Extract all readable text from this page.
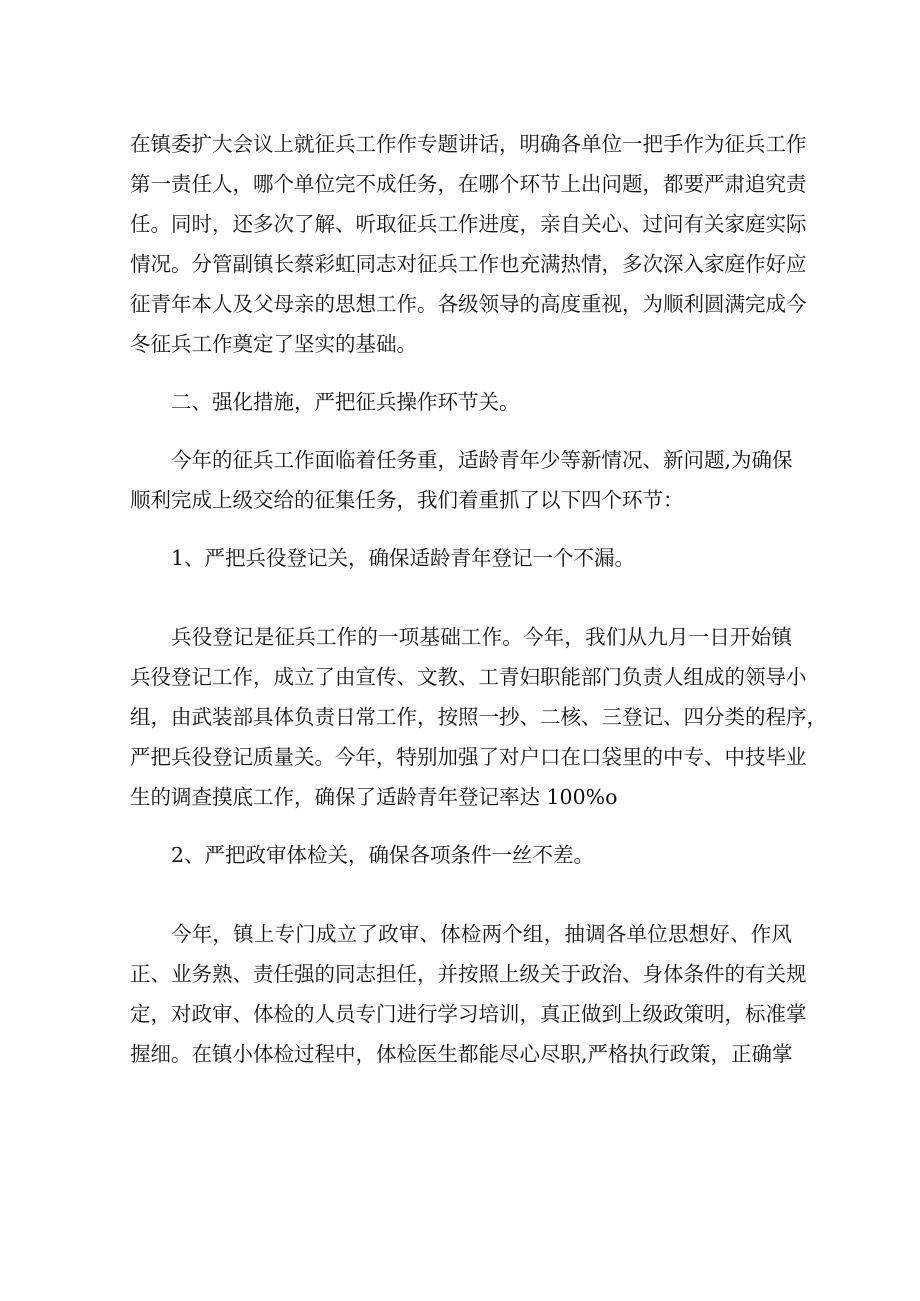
在镇委扩大会议上就征兵工作作专题讲话，明确各单位一把手作为征兵工作
第一责任人，哪个单位完不成任务，在哪个环节上出问题，都要严肃追究责
任。同时，还多次了解、听取征兵工作进度，亲自关心、过问有关家庭实际
情况。分管副镇长蔡彩虹同志对征兵工作也充满热情，多次深入家庭作好应
征青年本人及父母亲的思想工作。各级领导的高度重视，为顺利圆满完成今
冬征兵工作奠定了坚实的基础。

二、强化措施，严把征兵操作环节关。

今年的征兵工作面临着任务重，适龄青年少等新情况、新问题,为确保
顺利完成上级交给的征集任务，我们着重抓了以下四个环节：

1、严把兵役登记关，确保适龄青年登记一个不漏。

兵役登记是征兵工作的一项基础工作。今年，我们从九月一日开始镇
兵役登记工作，成立了由宣传、文教、工青妇职能部门负责人组成的领导小
组，由武装部具体负责日常工作，按照一抄、二核、三登记、四分类的程序，
严把兵役登记质量关。今年，特别加强了对户口在口袋里的中专、中技毕业
生的调查摸底工作，确保了适龄青年登记率达 100%o

2、严把政审体检关，确保各项条件一丝不差。

今年，镇上专门成立了政审、体检两个组，抽调各单位思想好、作风
正、业务熟、责任强的同志担任，并按照上级关于政治、身体条件的有关规
定，对政审、体检的人员专门进行学习培训，真正做到上级政策明，标准掌
握细。在镇小体检过程中，体检医生都能尽心尽职,严格执行政策，正确掌
